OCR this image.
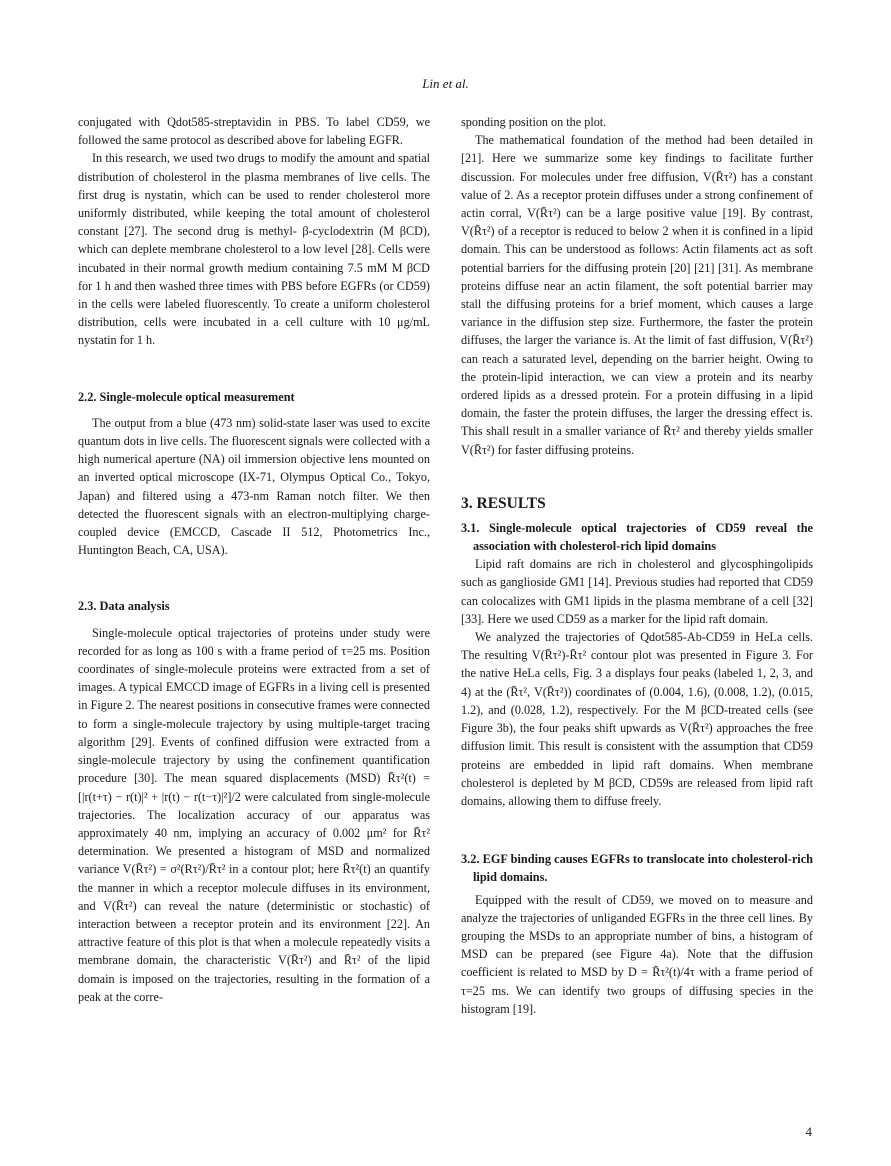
Lin et al.

conjugated with Qdot585-streptavidin in PBS. To label CD59, we followed the same protocol as described above for labeling EGFR.

In this research, we used two drugs to modify the amount and spatial distribution of cholesterol in the plasma membranes of live cells. The first drug is nystatin, which can be used to render cholesterol more uniformly distributed, while keeping the total amount of cholesterol constant [27]. The second drug is methyl- β-cyclodextrin (M βCD), which can deplete membrane cholesterol to a low level [28]. Cells were incubated in their normal growth medium containing 7.5 mM M βCD for 1 h and then washed three times with PBS before EGFRs (or CD59) in the cells were labeled fluorescently. To create a uniform cholesterol distribution, cells were incubated in a cell culture with 10 μg/mL nystatin for 1 h.

2.2. Single-molecule optical measurement

The output from a blue (473 nm) solid-state laser was used to excite quantum dots in live cells. The fluorescent signals were collected with a high numerical aperture (NA) oil immersion objective lens mounted on an inverted optical microscope (IX-71, Olympus Optical Co., Tokyo, Japan) and filtered using a 473-nm Raman notch filter. We then detected the fluorescent signals with an electron-multiplying charge-coupled device (EMCCD, Cascade II 512, Photometrics Inc., Huntington Beach, CA, USA).

2.3. Data analysis

Single-molecule optical trajectories of proteins under study were recorded for as long as 100 s with a frame period of τ=25 ms. Position coordinates of single-molecule proteins were extracted from a set of images. A typical EMCCD image of EGFRs in a living cell is presented in Figure 2. The nearest positions in consecutive frames were connected to form a single-molecule trajectory by using multiple-target tracing algorithm [29]. Events of confined diffusion were extracted from a single-molecule trajectory by using the confinement quantification procedure [30]. The mean squared displacements (MSD) R̄τ²(t) = [|r(t+τ) − r(t)|² + |r(t) − r(t−τ)|²]/2 were calculated from single-molecule trajectories. The localization accuracy of our apparatus was approximately 40 nm, implying an accuracy of 0.002 μm² for R̄τ² determination. We presented a histogram of MSD and normalized variance V(R̄τ²) = σ²(Rτ²)/R̄τ² in a contour plot; here R̄τ²(t) an quantify the manner in which a receptor molecule diffuses in its environment, and V(R̄τ²) can reveal the nature (deterministic or stochastic) of interaction between a receptor protein and its environment [22]. An attractive feature of this plot is that when a molecule repeatedly visits a membrane domain, the characteristic V(R̄τ²) and R̄τ² of the lipid domain is imposed on the trajectories, resulting in the formation of a peak at the corre-

sponding position on the plot.

The mathematical foundation of the method had been detailed in [21]. Here we summarize some key findings to facilitate further discussion. For molecules under free diffusion, V(R̄τ²) has a constant value of 2. As a receptor protein diffuses under a strong confinement of actin corral, V(R̄τ²) can be a large positive value [19]. By contrast, V(R̄τ²) of a receptor is reduced to below 2 when it is confined in a lipid domain. This can be understood as follows: Actin filaments act as soft potential barriers for the diffusing protein [20] [21] [31]. As membrane proteins diffuse near an actin filament, the soft potential barrier may stall the diffusing proteins for a brief moment, which causes a large variance in the diffusion step size. Furthermore, the faster the protein diffuses, the larger the variance is. At the limit of fast diffusion, V(R̄τ²) can reach a saturated level, depending on the barrier height. Owing to the protein-lipid interaction, we can view a protein and its nearby ordered lipids as a dressed protein. For a protein diffusing in a lipid domain, the faster the protein diffuses, the larger the dressing effect is. This shall result in a smaller variance of R̄τ² and thereby yields smaller V(R̄τ²) for faster diffusing proteins.

3. RESULTS
3.1. Single-molecule optical trajectories of CD59 reveal the association with cholesterol-rich lipid domains

Lipid raft domains are rich in cholesterol and glycosphingolipids such as ganglioside GM1 [14]. Previous studies had reported that CD59 can colocalizes with GM1 lipids in the plasma membrane of a cell [32] [33]. Here we used CD59 as a marker for the lipid raft domain.

We analyzed the trajectories of Qdot585-Ab-CD59 in HeLa cells. The resulting V(R̄τ²)-R̄τ² contour plot was presented in Figure 3. For the native HeLa cells, Fig. 3 a displays four peaks (labeled 1, 2, 3, and 4) at the (R̄τ², V(R̄τ²)) coordinates of (0.004, 1.6), (0.008, 1.2), (0.015, 1.2), and (0.028, 1.2), respectively. For the M βCD-treated cells (see Figure 3b), the four peaks shift upwards as V(R̄τ²) approaches the free diffusion limit. This result is consistent with the assumption that CD59 proteins are embedded in lipid raft domains. When membrane cholesterol is depleted by M βCD, CD59s are released from lipid raft domains, allowing them to diffuse freely.

3.2. EGF binding causes EGFRs to translocate into cholesterol-rich lipid domains.

Equipped with the result of CD59, we moved on to measure and analyze the trajectories of unliganded EGFRs in the three cell lines. By grouping the MSDs to an appropriate number of bins, a histogram of MSD can be prepared (see Figure 4a). Note that the diffusion coefficient is related to MSD by D = R̄τ²(t)/4τ with a frame period of τ=25 ms. We can identify two groups of diffusing species in the histogram [19].

4
